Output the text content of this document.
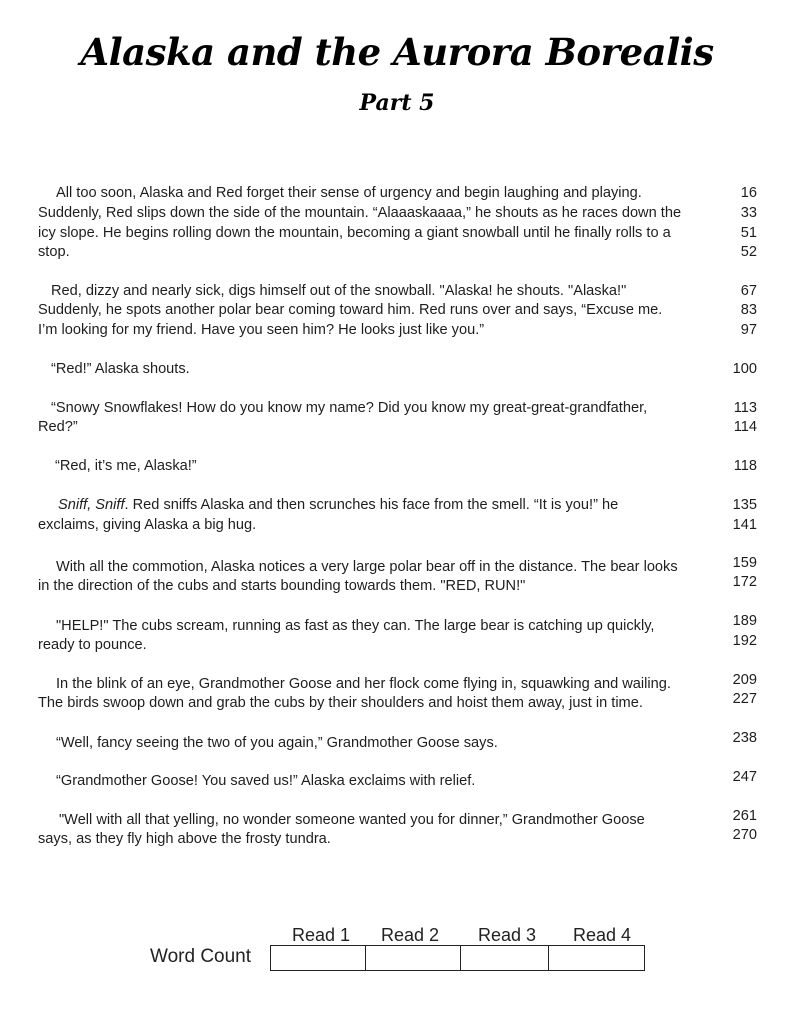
Alaska and the Aurora Borealis
Part 5
All too soon, Alaska and Red forget their sense of urgency and begin laughing and playing.
Suddenly, Red slips down the side of the mountain. “Alaaaskaaaa,” he shouts as he races down the
icy slope. He begins rolling down the mountain, becoming a giant snowball until he finally rolls to a
stop.
16
33
51
52
Red, dizzy and nearly sick, digs himself out of the snowball. "Alaska! he shouts. "Alaska!"
Suddenly, he spots another polar bear coming toward him. Red runs over and says, “Excuse me.
I’m looking for my friend. Have you seen him? He looks just like you.”
67
83
97
“Red!” Alaska shouts.	100
“Snowy Snowflakes! How do you know my name? Did you know my great-great-grandfather,
Red?”
113
114
“Red, it’s me, Alaska!”	118
Sniff, Sniff. Red sniffs Alaska and then scrunches his face from the smell. “It is you!” he
exclaims, giving Alaska a big hug.
135
141
With all the commotion, Alaska notices a very large polar bear off in the distance. The bear looks
in the direction of the cubs and starts bounding towards them. "RED, RUN!"
159
172
"HELP!" The cubs scream, running as fast as they can. The large bear is catching up quickly,
ready to pounce.
189
192
In the blink of an eye, Grandmother Goose and her flock come flying in, squawking and wailing.
The birds swoop down and grab the cubs by their shoulders and hoist them away, just in time.
209
227
“Well, fancy seeing the two of you again,” Grandmother Goose says.	238
“Grandmother Goose! You saved us!” Alaska exclaims with relief.	247
"Well with all that yelling, no wonder someone wanted you for dinner,” Grandmother Goose
says, as they fly high above the frosty tundra.
261
270
Word Count
Read 1 Read 2 Read 3 Read 4
